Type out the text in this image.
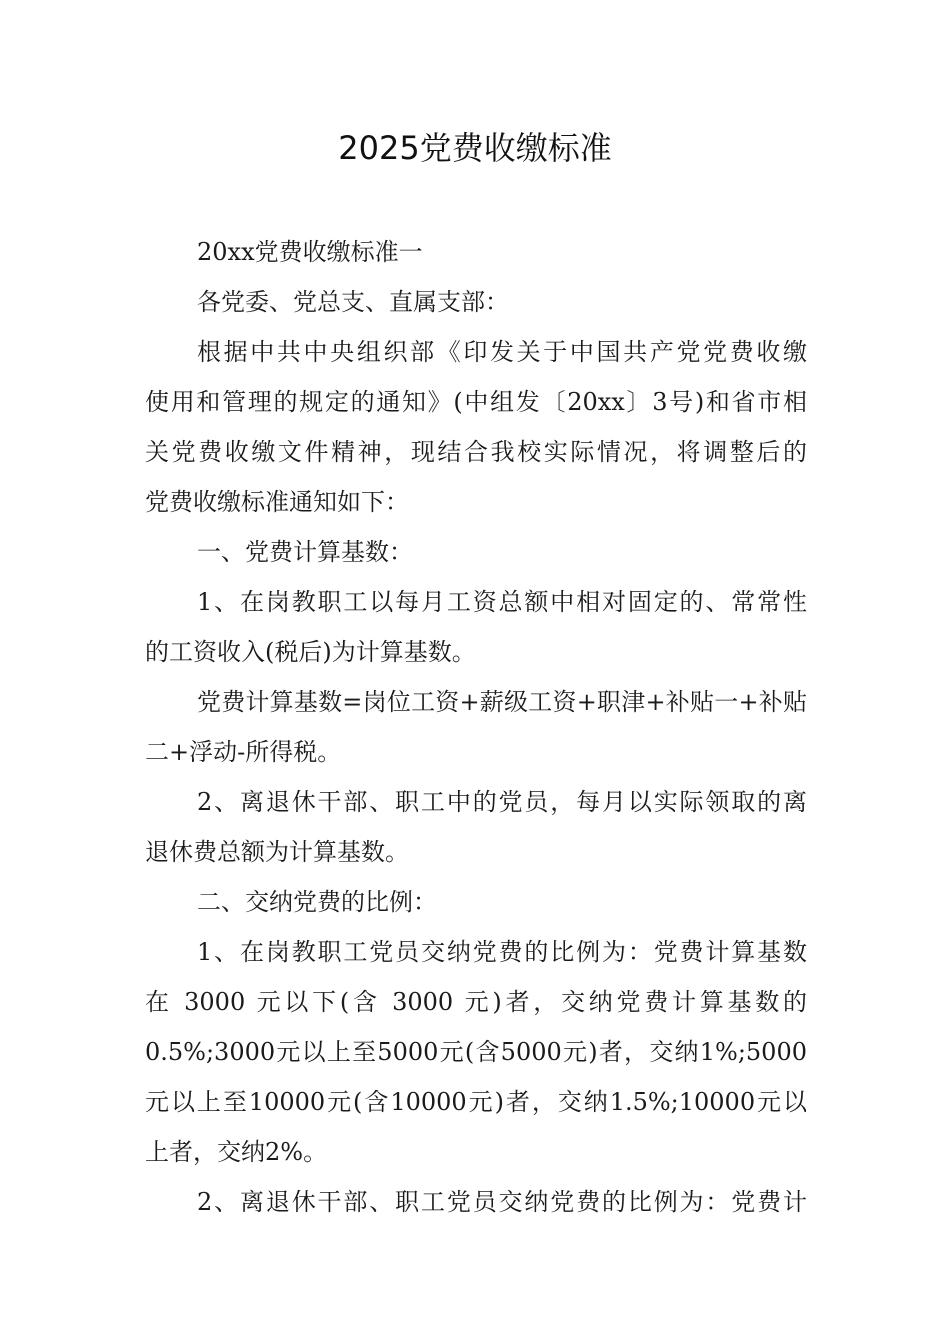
2025党费收缴标准
20xx党费收缴标准一
各党委、党总支、直属支部：
根据中共中央组织部《印发关于中国共产党党费收缴
使用和管理的规定的通知》(中组发〔20xx〕3号)和省市相
关党费收缴文件精神，现结合我校实际情况，将调整后的
党费收缴标准通知如下：
一、党费计算基数：
1、在岗教职工以每月工资总额中相对固定的、常常性
的工资收入(税后)为计算基数。
党费计算基数=岗位工资+薪级工资+职津+补贴一+补贴
二+浮动-所得税。
2、离退休干部、职工中的党员，每月以实际领取的离
退休费总额为计算基数。
二、交纳党费的比例：
1、在岗教职工党员交纳党费的比例为：党费计算基数
在 3000 元以下(含 3000 元)者，交纳党费计算基数的
0.5%;3000元以上至5000元(含5000元)者，交纳1%;5000
元以上至10000元(含10000元)者，交纳1.5%;10000元以
上者，交纳2%。
2、离退休干部、职工党员交纳党费的比例为：党费计
